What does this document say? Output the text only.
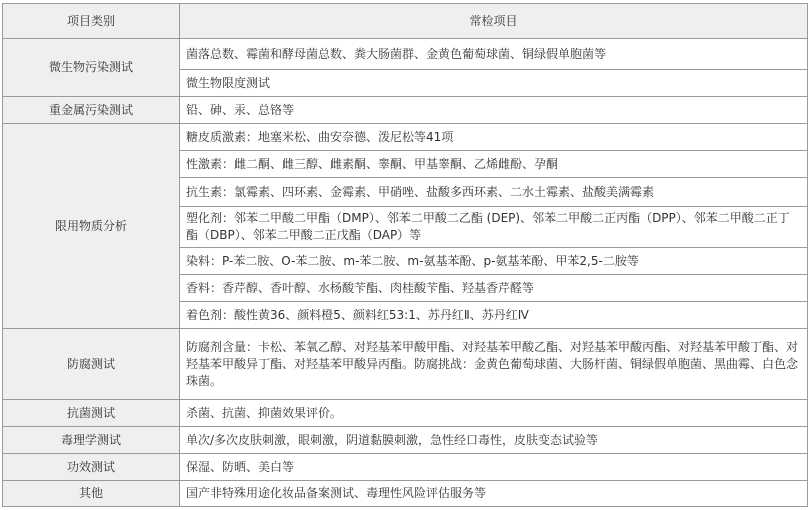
项目类别	常检项目
微生物污染测试	菌落总数、霉菌和酵母菌总数、粪大肠菌群、金黄色葡萄球菌、铜绿假单胞菌等
	微生物限度测试
重金属污染测试	铅、砷、汞、总铬等
限用物质分析	糖皮质激素：地塞米松、曲安奈德、泼尼松等41项
	性激素：雌二酮、雌三醇、雌素酮、睾酮、甲基睾酮、乙烯雌酚、孕酮
	抗生素：氯霉素、四环素、金霉素、甲硝唑、盐酸多西环素、二水土霉素、盐酸美满霉素
	塑化剂：邻苯二甲酸二甲酯（DMP）、邻苯二甲酸二乙酯 (DEP)、邻苯二甲酸二正丙酯（DPP）、邻苯二甲酸二正丁酯（DBP）、邻苯二甲酸二正戊酯（DAP）等
	染料：P-苯二胺、O-苯二胺、m-苯二胺、m-氨基苯酚、p-氨基苯酚、甲苯2,5-二胺等
	香料：香芹醇、香叶醇、水杨酸苄酯、肉桂酸苄酯、羟基香芹醛等
	着色剂：酸性黄36、颜料橙5、颜料红53:1、苏丹红Ⅱ、苏丹红Ⅳ
防腐测试	防腐剂含量：卡松、苯氧乙醇、对羟基苯甲酸甲酯、对羟基苯甲酸乙酯、对羟基苯甲酸丙酯、对羟基苯甲酸丁酯、对羟基苯甲酸异丁酯、对羟基苯甲酸异丙酯。防腐挑战：金黄色葡萄球菌、大肠杆菌、铜绿假单胞菌、黑曲霉、白色念珠菌。
抗菌测试	杀菌、抗菌、抑菌效果评价。
毒理学测试	单次/多次皮肤刺激，眼刺激，阴道黏膜刺激，急性经口毒性，皮肤变态试验等
功效测试	保湿、防晒、美白等
其他	国产非特殊用途化妆品备案测试、毒理性风险评估服务等
